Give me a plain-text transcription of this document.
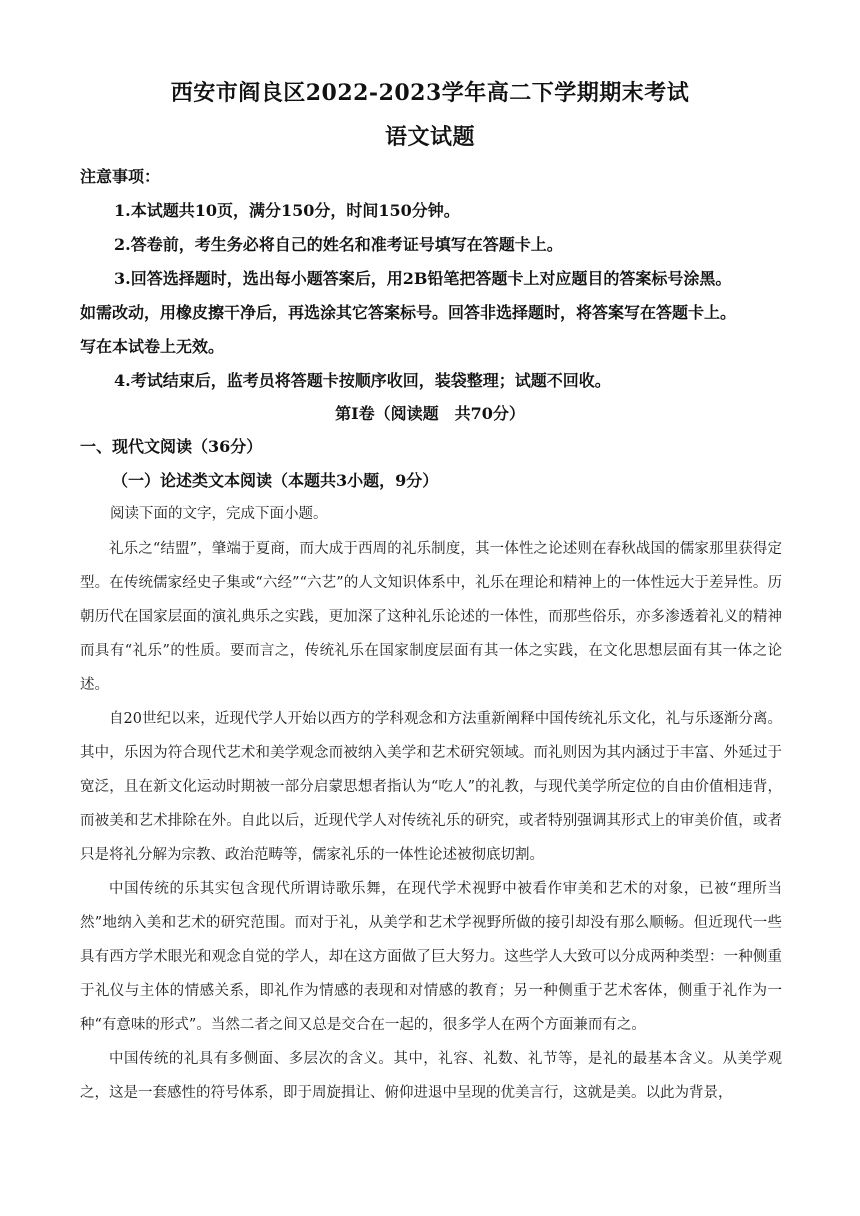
西安市阎良区2022-2023学年高二下学期期末考试
语文试题
注意事项：
1.本试题共10页，满分150分，时间150分钟。
2.答卷前，考生务必将自己的姓名和准考证号填写在答题卡上。
3.回答选择题时，选出每小题答案后，用2B铅笔把答题卡上对应题目的答案标号涂黑。
如需改动，用橡皮擦干净后，再选涂其它答案标号。回答非选择题时，将答案写在答题卡上。
写在本试卷上无效。
4.考试结束后，监考员将答题卡按顺序收回，装袋整理；试题不回收。
第Ⅰ卷（阅读题　共70分）
一、现代文阅读（36分）
（一）论述类文本阅读（本题共3小题，9分）
阅读下面的文字，完成下面小题。
礼乐之“结盟”，肇端于夏商，而大成于西周的礼乐制度，其一体性之论述则在春秋战国的儒家那里获得定型。在传统儒家经史子集或“六经”“六艺”的人文知识体系中，礼乐在理论和精神上的一体性远大于差异性。历朝历代在国家层面的演礼典乐之实践，更加深了这种礼乐论述的一体性，而那些俗乐，亦多渗透着礼义的精神而具有“礼乐”的性质。要而言之，传统礼乐在国家制度层面有其一体之实践，在文化思想层面有其一体之论述。
自20世纪以来，近现代学人开始以西方的学科观念和方法重新阐释中国传统礼乐文化，礼与乐逐渐分离。其中，乐因为符合现代艺术和美学观念而被纳入美学和艺术研究领域。而礼则因为其内涵过于丰富、外延过于宽泛，且在新文化运动时期被一部分启蒙思想者指认为“吃人”的礼教，与现代美学所定位的自由价值相违背，而被美和艺术排除在外。自此以后，近现代学人对传统礼乐的研究，或者特别强调其形式上的审美价值，或者只是将礼分解为宗教、政治范畴等，儒家礼乐的一体性论述被彻底切割。
中国传统的乐其实包含现代所谓诗歌乐舞，在现代学术视野中被看作审美和艺术的对象，已被“理所当然”地纳入美和艺术的研究范围。而对于礼，从美学和艺术学视野所做的接引却没有那么顺畅。但近现代一些具有西方学术眼光和观念自觉的学人，却在这方面做了巨大努力。这些学人大致可以分成两种类型：一种侧重于礼仪与主体的情感关系，即礼作为情感的表现和对情感的教育；另一种侧重于艺术客体，侧重于礼作为一种“有意味的形式”。当然二者之间又总是交合在一起的，很多学人在两个方面兼而有之。
中国传统的礼具有多侧面、多层次的含义。其中，礼容、礼数、礼节等，是礼的最基本含义。从美学观之，这是一套感性的符号体系，即于周旋揖让、俯仰进退中呈现的优美言行，这就是美。以此为背景，
